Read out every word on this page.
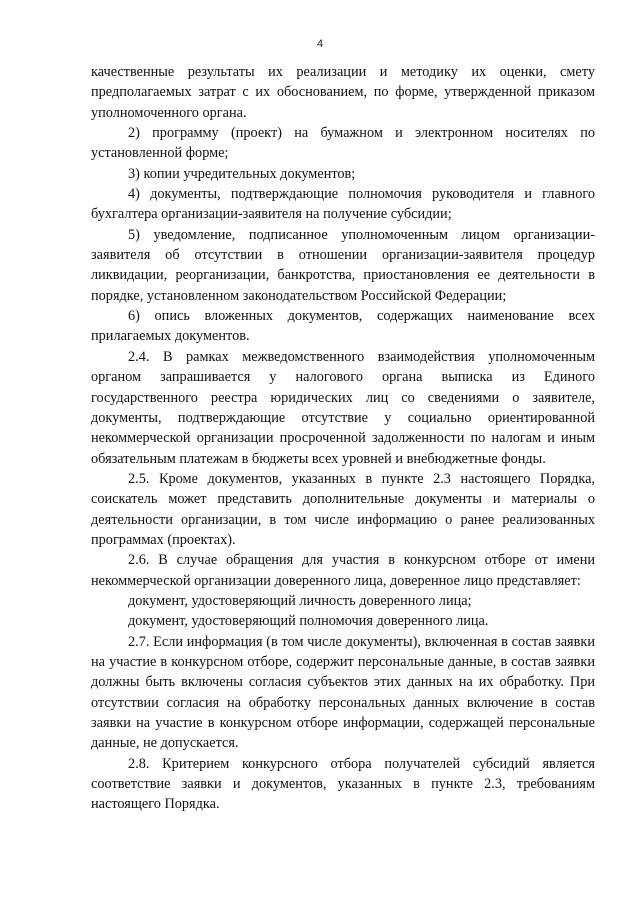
4

качественные результаты их реализации и методику их оценки, смету предполагаемых затрат с их обоснованием, по форме, утвержденной приказом уполномоченного органа.

2) программу (проект) на бумажном и электронном носителях по установленной форме;

3) копии учредительных документов;

4) документы, подтверждающие полномочия руководителя и главного бухгалтера организации-заявителя на получение субсидии;

5) уведомление, подписанное уполномоченным лицом организации-заявителя об отсутствии в отношении организации-заявителя процедур ликвидации, реорганизации, банкротства, приостановления ее деятельности в порядке, установленном законодательством Российской Федерации;

6) опись вложенных документов, содержащих наименование всех прилагаемых документов.

2.4. В рамках межведомственного взаимодействия уполномоченным органом запрашивается у налогового органа выписка из Единого государственного реестра юридических лиц со сведениями о заявителе, документы, подтверждающие отсутствие у социально ориентированной некоммерческой организации просроченной задолженности по налогам и иным обязательным платежам в бюджеты всех уровней и внебюджетные фонды.

2.5. Кроме документов, указанных в пункте 2.3 настоящего Порядка, соискатель может представить дополнительные документы и материалы о деятельности организации, в том числе информацию о ранее реализованных программах (проектах).

2.6. В случае обращения для участия в конкурсном отборе от имени некоммерческой организации доверенного лица, доверенное лицо представляет:

документ, удостоверяющий личность доверенного лица;

документ, удостоверяющий полномочия доверенного лица.

2.7. Если информация (в том числе документы), включенная в состав заявки на участие в конкурсном отборе, содержит персональные данные, в состав заявки должны быть включены согласия субъектов этих данных на их обработку. При отсутствии согласия на обработку персональных данных включение в состав заявки на участие в конкурсном отборе информации, содержащей персональные данные, не допускается.

2.8. Критерием конкурсного отбора получателей субсидий является соответствие заявки и документов, указанных в пункте 2.3, требованиям настоящего Порядка.
